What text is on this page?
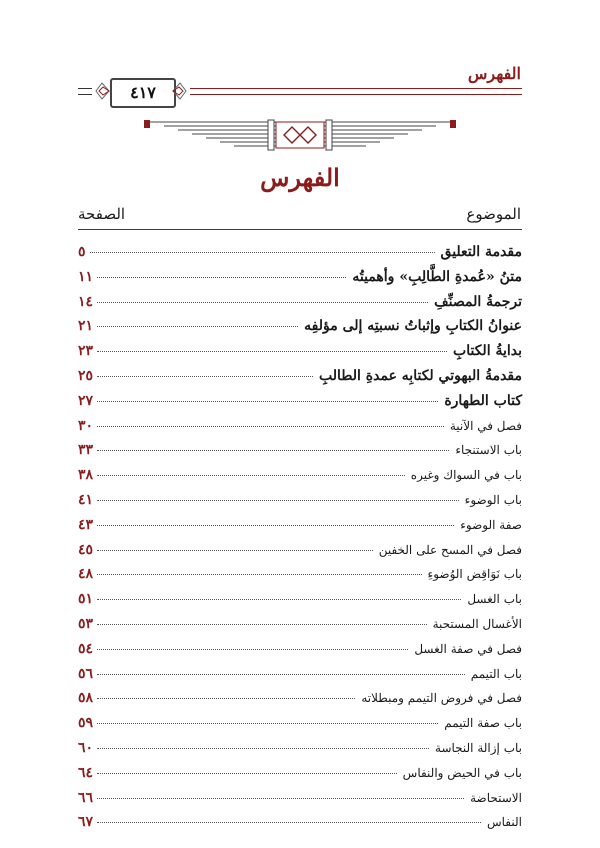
الفهرس
٤١٧
الفهرس
الموضوع
الصفحة
مقدمة التعليق
٥
متنُ «عُمدةِ الطَّالِبِ» وأهميتُه
١١
ترجمةُ المصنِّفِ
١٤
عنوانُ الكتابِ وإثباتُ نسبتِه إلى مؤلفِه
٢١
بدايةُ الكتابِ
٢٣
مقدمةُ البهوتي لكتابِه عمدةِ الطالبِ
٢٥
كتاب الطهارة
٢٧
فصل في الآنية
٣٠
باب الاستنجاء
٣٣
باب في السواك وغيره
٣٨
باب الوضوء
٤١
صفة الوضوء
٤٣
فصل في المسح على الخفين
٤٥
باب نَوَاقِض الوُضوءِ
٤٨
باب الغسل
٥١
الأغسال المستحبة
٥٣
فصل في صفة الغسل
٥٤
باب التيمم
٥٦
فصل في فروض التيمم ومبطلاته
٥٨
باب صفة التيمم
٥٩
باب إزالة النجاسة
٦٠
باب في الحيض والنفاس
٦٤
الاستحاضة
٦٦
النفاس
٦٧
